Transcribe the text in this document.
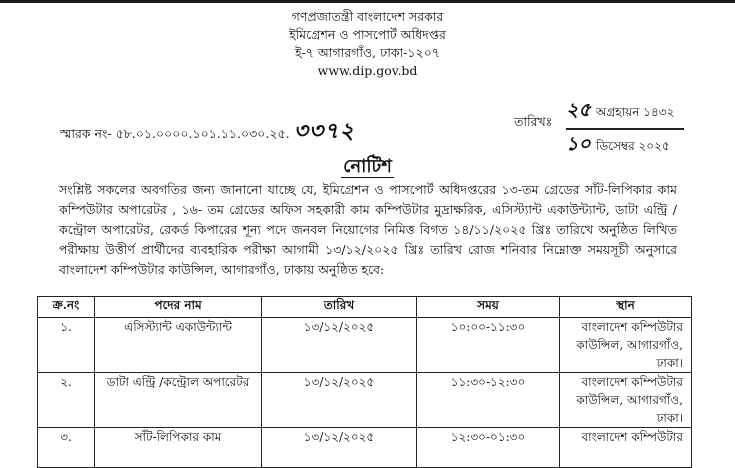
গণপ্রজাতন্ত্রী বাংলাদেশ সরকার
ইমিগ্রেশন ও পাসপোর্ট অধিদপ্তর
ই-৭ আগারগাঁও, ঢাকা-১২০৭
www.dip.gov.bd
স্মারক নং- ৫৮.০১.০০০০.১০১.১১.০৩০.২৫. ৩৩৭২	তারিখঃ
২৫ অগ্রহায়ন ১৪৩২
১০ ডিসেম্বর ২০২৫
নোটিশ
সংশ্লিষ্ট সকলের অবগতির জন্য জানানো যাচ্ছে যে, ইমিগ্রেশন ও পাসপোর্ট অধিদপ্তরের ১৩-তম গ্রেডের সাঁট-লিপিকার কাম কম্পিউটার অপারেটর , ১৬- তম গ্রেডের অফিস সহকারী কাম কম্পিউটার মুদ্রাক্ষরিক, এসিস্ট্যান্ট একাউন্ট্যান্ট, ডাটা এন্ট্রি /কন্ট্রোল অপারেটর, রেকর্ড কিপারের শূন্য পদে জনবল নিয়োগের নিমিত্ত বিগত ১৪/১১/২০২৫ খ্রিঃ তারিখে অনুষ্ঠিত লিখিত পরীক্ষায় উত্তীর্ণ প্রার্থীদের ব্যবহারিক পরীক্ষা আগামী ১৩/১২/২০২৫ খ্রিঃ তারিখ রোজ শনিবার নিম্নোক্ত সময়সূচী অনুসারে বাংলাদেশ কম্পিউটার কাউন্সিল, আগারগাঁও, ঢাকায় অনুষ্ঠিত হবে:
ক্র.নং	পদের নাম	তারিখ	সময়	স্থান
১.	এসিস্ট্যান্ট একাউন্ট্যান্ট	১৩/১২/২০২৫	১০:০০-১১:৩০	বাংলাদেশ কম্পিউটার কাউন্সিল, আগারগাঁও, ঢাকা।
২.	ডাটা এন্ট্রি /কন্ট্রোল অপারেটর	১৩/১২/২০২৫	১১:৩০-১২:৩০	বাংলাদেশ কম্পিউটার কাউন্সিল, আগারগাঁও, ঢাকা।
৩.	সাঁট-লিপিকার কাম	১৩/১২/২০২৫	১২:৩০-০১:৩০	বাংলাদেশ কম্পিউটার
